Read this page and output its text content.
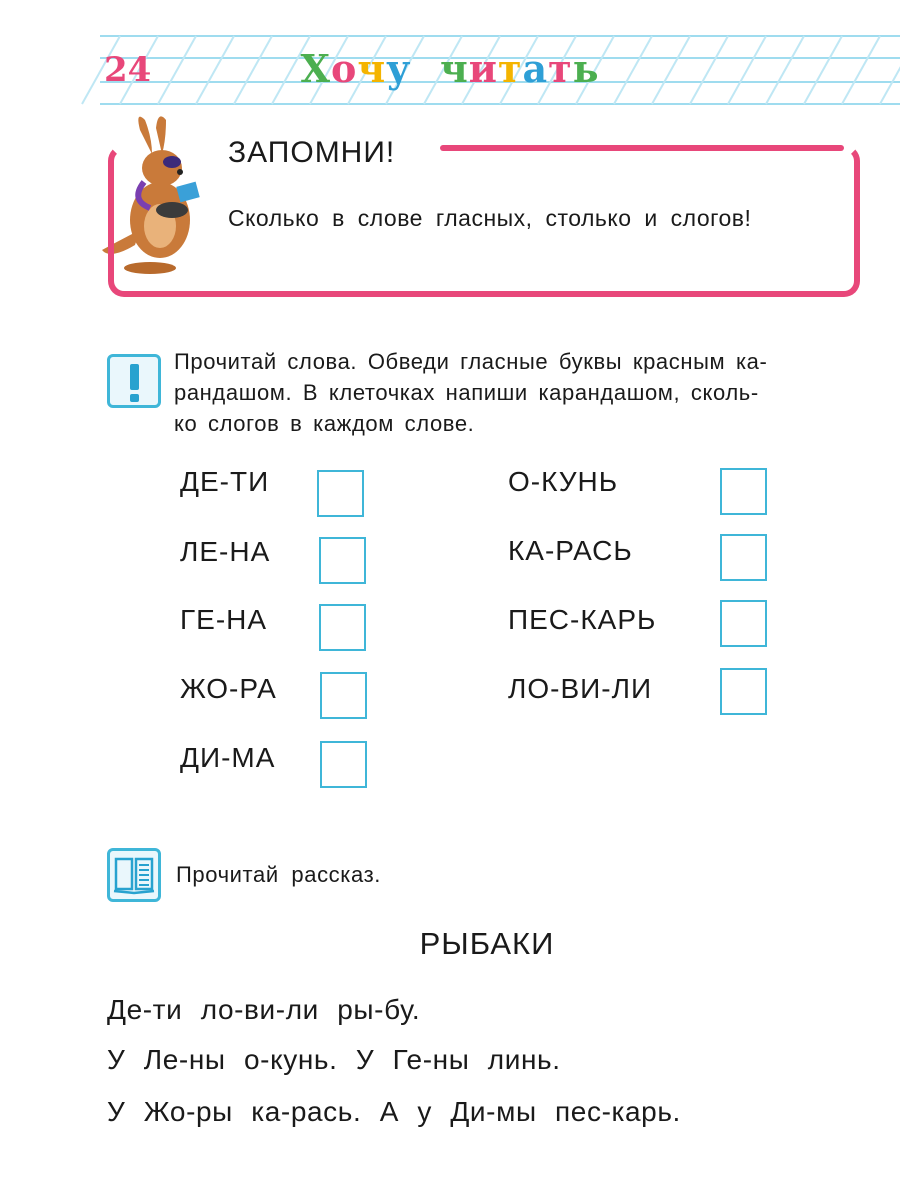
24	Хочу читать
ЗАПОМНИ!
Сколько в слове гласных, столько и слогов!
Прочитай слова. Обведи гласные буквы красным ка-
рандашом. В клеточках напиши карандашом, сколь-
ко слогов в каждом слове.
ДЕ-ТИ
ЛЕ-НА
ГЕ-НА
ЖО-РА
ДИ-МА
О-КУНЬ
КА-РАСЬ
ПЕС-КАРЬ
ЛО-ВИ-ЛИ
Прочитай рассказ.
РЫБАКИ
Де-ти ло-ви-ли ры-бу.
У Ле-ны о-кунь. У Ге-ны линь.
У Жо-ры ка-рась. А у Ди-мы пес-карь.
